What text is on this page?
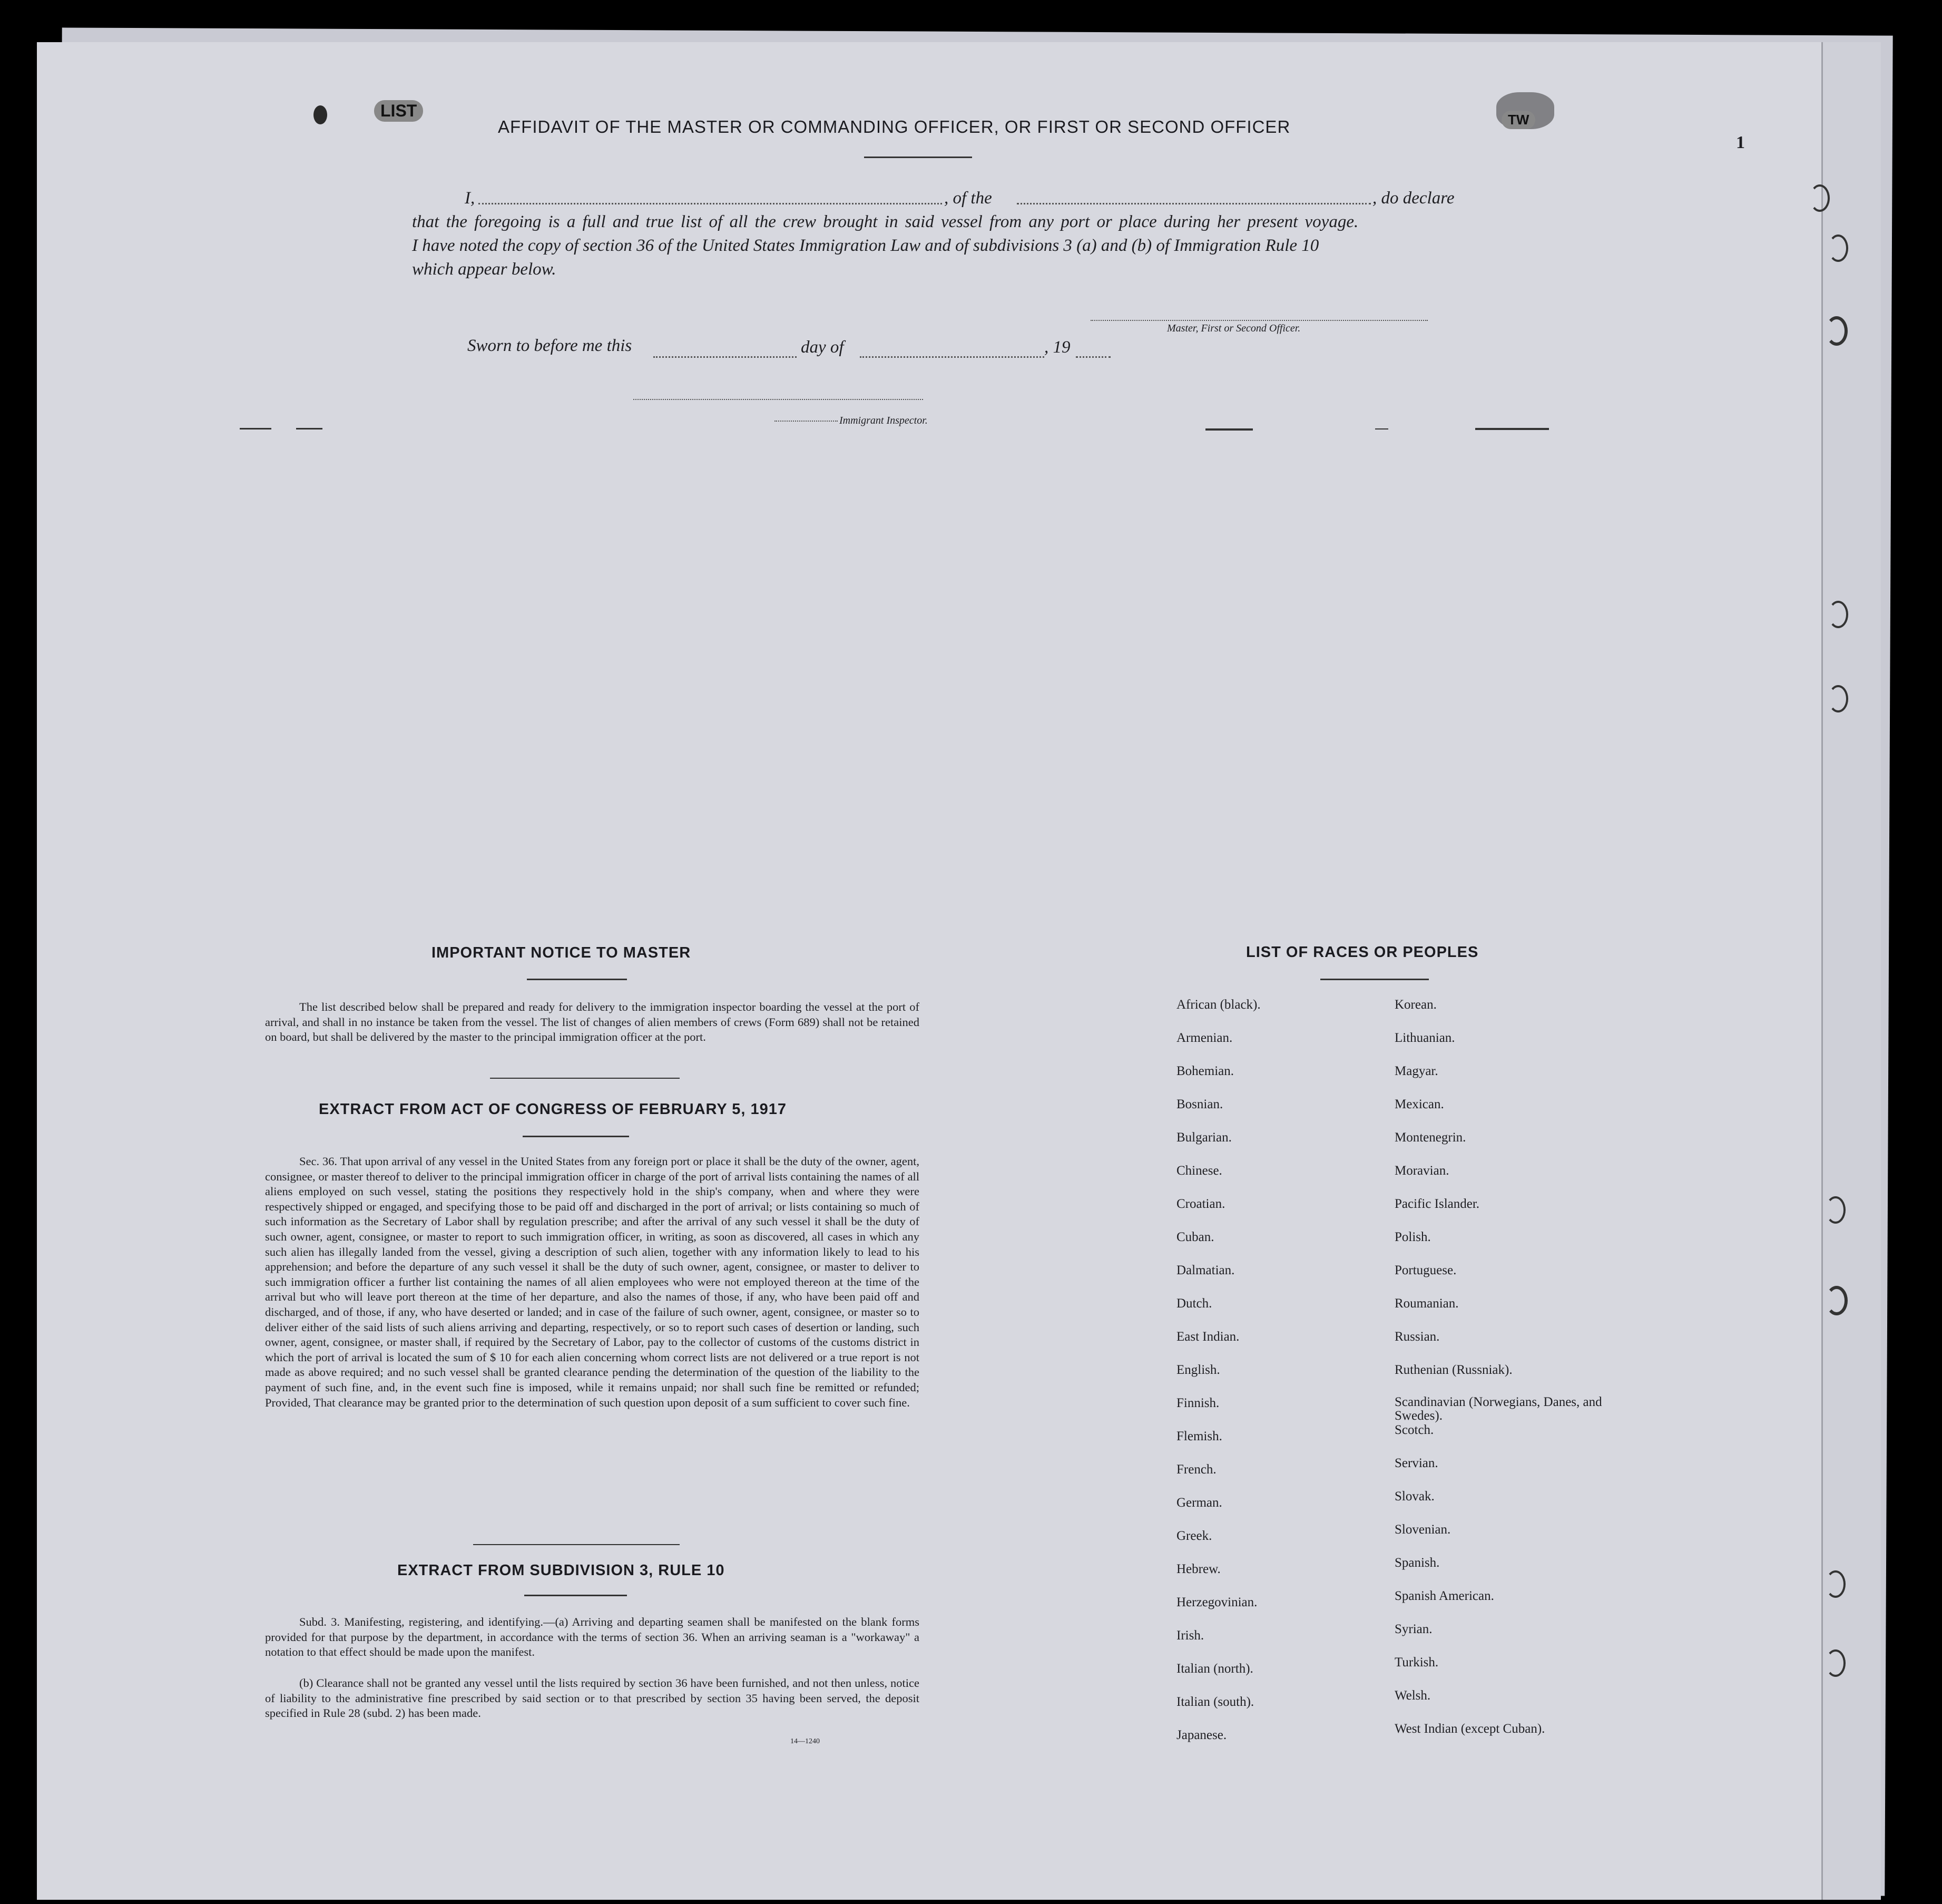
LIST	TW
1
AFFIDAVIT OF THE MASTER OR COMMANDING OFFICER, OR FIRST OR SECOND OFFICER
I,	, of the	, do declare
that the foregoing is a full and true list of all the crew brought in said vessel from any port or place during her present voyage.
I have noted the copy of section 36 of the United States Immigration Law and of subdivisions 3 (a) and (b) of Immigration Rule 10
which appear below.
Master, First or Second Officer.
Sworn to before me this	day of	, 19
Immigrant Inspector.
IMPORTANT NOTICE TO MASTER
The list described below shall be prepared and ready for delivery to the immigration inspector boarding the vessel at the port of arrival, and shall in no instance be taken from the vessel. The list of changes of alien members of crews (Form 689) shall not be retained on board, but shall be delivered by the master to the principal immigration officer at the port.
EXTRACT FROM ACT OF CONGRESS OF FEBRUARY 5, 1917
Sec. 36. That upon arrival of any vessel in the United States from any foreign port or place it shall be the duty of the owner, agent, consignee, or master thereof to deliver to the principal immigration officer in charge of the port of arrival lists containing the names of all aliens employed on such vessel, stating the positions they respectively hold in the ship's company, when and where they were respectively shipped or engaged, and specifying those to be paid off and discharged in the port of arrival; or lists containing so much of such information as the Secretary of Labor shall by regulation prescribe; and after the arrival of any such vessel it shall be the duty of such owner, agent, consignee, or master to report to such immigration officer, in writing, as soon as discovered, all cases in which any such alien has illegally landed from the vessel, giving a description of such alien, together with any information likely to lead to his apprehension; and before the departure of any such vessel it shall be the duty of such owner, agent, consignee, or master to deliver to such immigration officer a further list containing the names of all alien employees who were not employed thereon at the time of the arrival but who will leave port thereon at the time of her departure, and also the names of those, if any, who have been paid off and discharged, and of those, if any, who have deserted or landed; and in case of the failure of such owner, agent, consignee, or master so to deliver either of the said lists of such aliens arriving and departing, respectively, or so to report such cases of desertion or landing, such owner, agent, consignee, or master shall, if required by the Secretary of Labor, pay to the collector of customs of the customs district in which the port of arrival is located the sum of $ 10 for each alien concerning whom correct lists are not delivered or a true report is not made as above required; and no such vessel shall be granted clearance pending the determination of the question of the liability to the payment of such fine, and, in the event such fine is imposed, while it remains unpaid; nor shall such fine be remitted or refunded; Provided, That clearance may be granted prior to the determination of such question upon deposit of a sum sufficient to cover such fine.
EXTRACT FROM SUBDIVISION 3, RULE 10
Subd. 3. Manifesting, registering, and identifying.—(a) Arriving and departing seamen shall be manifested on the blank forms provided for that purpose by the department, in accordance with the terms of section 36. When an arriving seaman is a "workaway" a notation to that effect should be made upon the manifest.
(b) Clearance shall not be granted any vessel until the lists required by section 36 have been furnished, and not then unless, notice of liability to the administrative fine prescribed by said section or to that prescribed by section 35 having been served, the deposit specified in Rule 28 (subd. 2) has been made.
14—1240
LIST OF RACES OR PEOPLES
African (black).
Armenian.
Bohemian.
Bosnian.
Bulgarian.
Chinese.
Croatian.
Cuban.
Dalmatian.
Dutch.
East Indian.
English.
Finnish.
Flemish.
French.
German.
Greek.
Hebrew.
Herzegovinian.
Irish.
Italian (north).
Italian (south).
Japanese.
Korean.
Lithuanian.
Magyar.
Mexican.
Montenegrin.
Moravian.
Pacific Islander.
Polish.
Portuguese.
Roumanian.
Russian.
Ruthenian (Russniak).
Scandinavian (Norwegians, Danes, and Swedes).
Scotch.
Servian.
Slovak.
Slovenian.
Spanish.
Spanish American.
Syrian.
Turkish.
Welsh.
West Indian (except Cuban).
